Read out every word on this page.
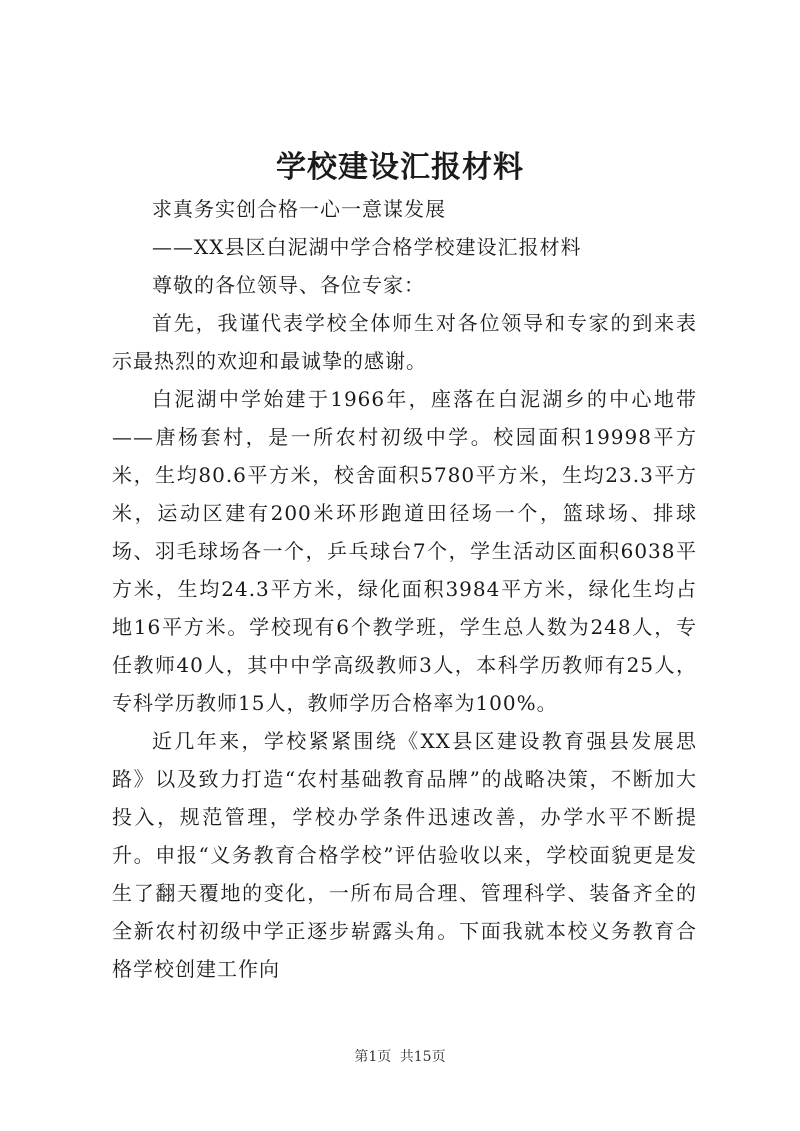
学校建设汇报材料

求真务实创合格一心一意谋发展

——XX县区白泥湖中学合格学校建设汇报材料

尊敬的各位领导、各位专家：

首先，我谨代表学校全体师生对各位领导和专家的到来表示最热烈的欢迎和最诚挚的感谢。

白泥湖中学始建于1966年，座落在白泥湖乡的中心地带——唐杨套村，是一所农村初级中学。校园面积19998平方米，生均80.6平方米，校舍面积5780平方米，生均23.3平方米，运动区建有200米环形跑道田径场一个，篮球场、排球场、羽毛球场各一个，乒乓球台7个，学生活动区面积6038平方米，生均24.3平方米，绿化面积3984平方米，绿化生均占地16平方米。学校现有6个教学班，学生总人数为248人，专任教师40人，其中中学高级教师3人，本科学历教师有25人，专科学历教师15人，教师学历合格率为100%。

近几年来，学校紧紧围绕《XX县区建设教育强县发展思路》以及致力打造“农村基础教育品牌”的战略决策，不断加大投入，规范管理，学校办学条件迅速改善，办学水平不断提升。申报“义务教育合格学校”评估验收以来，学校面貌更是发生了翻天覆地的变化，一所布局合理、管理科学、装备齐全的全新农村初级中学正逐步崭露头角。下面我就本校义务教育合格学校创建工作向

第1页 共15页
